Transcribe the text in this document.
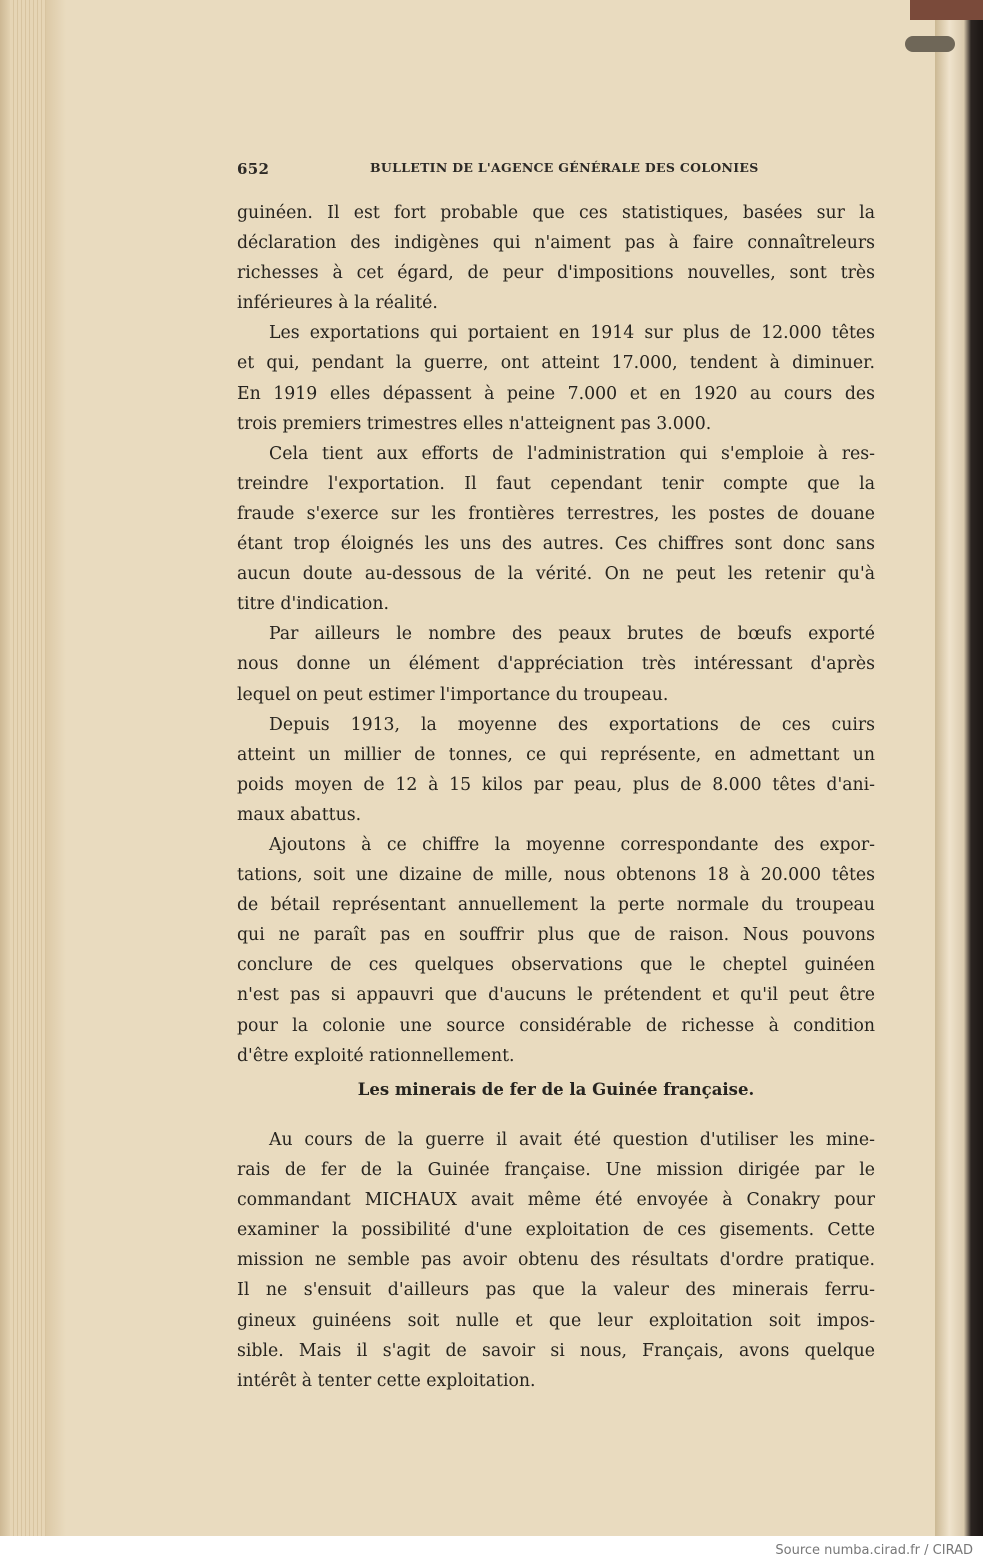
652	BULLETIN DE L'AGENCE GÉNÉRALE DES COLONIES
guinéen. Il est fort probable que ces statistiques, basées sur la
déclaration des indigènes qui n'aiment pas à faire connaîtreleurs
richesses à cet égard, de peur d'impositions nouvelles, sont très
inférieures à la réalité.
Les exportations qui portaient en 1914 sur plus de 12.000 têtes
et qui, pendant la guerre, ont atteint 17.000, tendent à diminuer.
En 1919 elles dépassent à peine 7.000 et en 1920 au cours des
trois premiers trimestres elles n'atteignent pas 3.000.
Cela tient aux efforts de l'administration qui s'emploie à res-
treindre l'exportation. Il faut cependant tenir compte que la
fraude s'exerce sur les frontières terrestres, les postes de douane
étant trop éloignés les uns des autres. Ces chiffres sont donc sans
aucun doute au-dessous de la vérité. On ne peut les retenir qu'à
titre d'indication.
Par ailleurs le nombre des peaux brutes de bœufs exporté
nous donne un élément d'appréciation très intéressant d'après
lequel on peut estimer l'importance du troupeau.
Depuis 1913, la moyenne des exportations de ces cuirs
atteint un millier de tonnes, ce qui représente, en admettant un
poids moyen de 12 à 15 kilos par peau, plus de 8.000 têtes d'ani-
maux abattus.
Ajoutons à ce chiffre la moyenne correspondante des expor-
tations, soit une dizaine de mille, nous obtenons 18 à 20.000 têtes
de bétail représentant annuellement la perte normale du troupeau
qui ne paraît pas en souffrir plus que de raison. Nous pouvons
conclure de ces quelques observations que le cheptel guinéen
n'est pas si appauvri que d'aucuns le prétendent et qu'il peut être
pour la colonie une source considérable de richesse à condition
d'être exploité rationnellement.
Les minerais de fer de la Guinée française.
Au cours de la guerre il avait été question d'utiliser les mine-
rais de fer de la Guinée française. Une mission dirigée par le
commandant MICHAUX avait même été envoyée à Conakry pour
examiner la possibilité d'une exploitation de ces gisements. Cette
mission ne semble pas avoir obtenu des résultats d'ordre pratique.
Il ne s'ensuit d'ailleurs pas que la valeur des minerais ferru-
gineux guinéens soit nulle et que leur exploitation soit impos-
sible. Mais il s'agit de savoir si nous, Français, avons quelque
intérêt à tenter cette exploitation.
Source numba.cirad.fr / CIRAD
